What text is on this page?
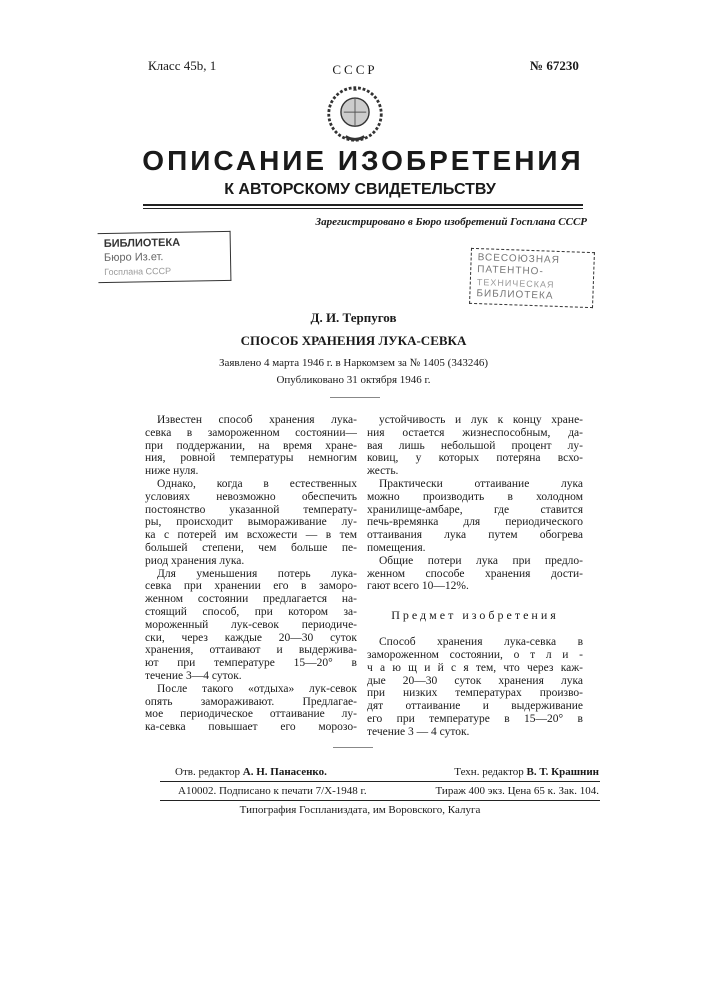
Класс 45b, 1	СССР	№ 67230
ОПИСАНИЕ ИЗОБРЕТЕНИЯ
К АВТОРСКОМУ СВИДЕТЕЛЬСТВУ
Зарегистрировано в Бюро изобретений Госплана СССР
БИБЛИОТЕКА
Бюро Из.ет.
Госплана СССР
ВСЕСОЮЗНАЯ
ПАТЕНТНО-
ТЕХНИЧЕСКАЯ
БИБЛИОТЕКА
Д. И. Терпугов
СПОСОБ ХРАНЕНИЯ ЛУКА-СЕВКА
Заявлено 4 марта 1946 г. в Наркомзем за № 1405 (343246)
Опубликовано 31 октября 1946 г.
Известен способ хранения лука-
севка в замороженном состоянии—
при поддержании, на время хране-
ния, ровной температуры немногим
ниже нуля.
Однако, когда в естественных
условиях невозможно обеспечить
постоянство указанной температу-
ры, происходит вымораживание лу-
ка с потерей им всхожести — в тем
большей степени, чем больше пе-
риод хранения лука.
Для уменьшения потерь лука-
севка при хранении его в заморо-
женном состоянии предлагается на-
стоящий способ, при котором за-
мороженный лук-севок периодиче-
ски, через каждые 20—30 суток
хранения, оттаивают и выдержива-
ют при температуре 15—20° в
течение 3—4 суток.
После такого «отдыха» лук-севок
опять замораживают. Предлагае-
мое периодическое оттаивание лу-
ка-севка повышает его морозо-
устойчивость и лук к концу хране-
ния остается жизнеспособным, да-
вая лишь небольшой процент лу-
ковиц, у которых потеряна всхо-
жесть.
Практически оттаивание лука
можно производить в холодном
хранилище-амбаре, где ставится
печь-времянка для периодического
оттаивания лука путем обогрева
помещения.
Общие потери лука при предло-
женном способе хранения дости-
гают всего 10—12%.
Предмет изобретения
Способ хранения лука-севка в
замороженном состоянии, о т л и -
ч а ю щ и й с я тем, что через каж-
дые 20—30 суток хранения лука
при низких температурах произво-
дят оттаивание и выдерживание
его при температуре в 15—20° в
течение 3 — 4 суток.
Отв. редактор А. Н. Панасенко.	Техн. редактор В. Т. Крашнин
А10002. Подписано к печати 7/X-1948 г.	Тираж 400 экз. Цена 65 к. Зак. 104.
Типография Госпланиздата, им Воровского, Калуга
